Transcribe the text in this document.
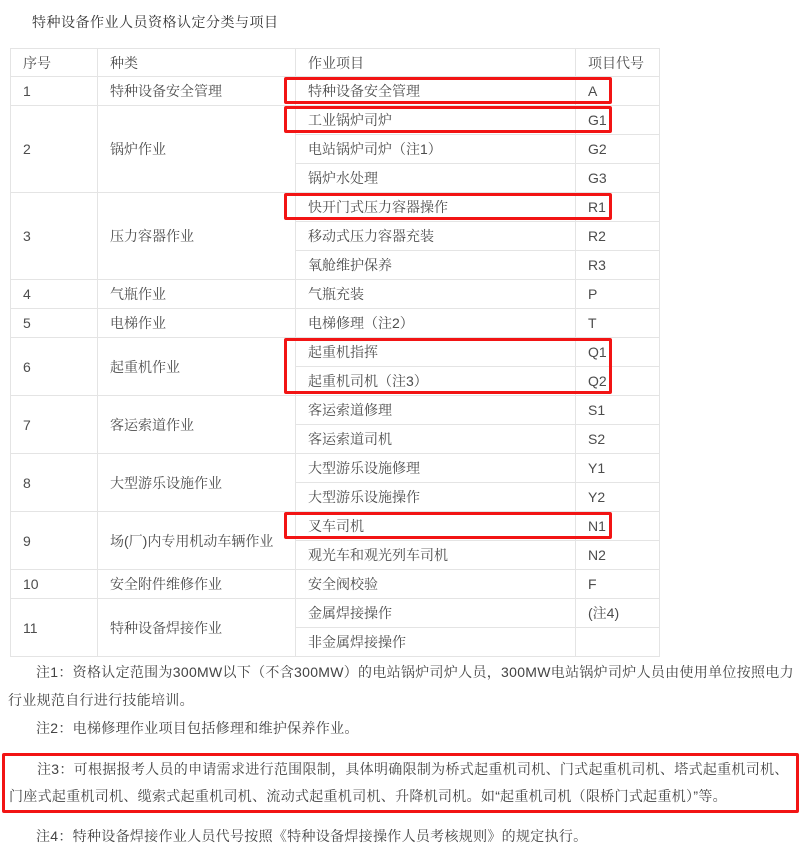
特种设备作业人员资格认定分类与项目
序号	种类	作业项目	项目代号
1	特种设备安全管理	特种设备安全管理	A
2	锅炉作业	工业锅炉司炉	G1
		电站锅炉司炉（注1）	G2
		锅炉水处理	G3
3	压力容器作业	快开门式压力容器操作	R1
		移动式压力容器充装	R2
		氧舱维护保养	R3
4	气瓶作业	气瓶充装	P
5	电梯作业	电梯修理（注2）	T
6	起重机作业	起重机指挥	Q1
		起重机司机（注3）	Q2
7	客运索道作业	客运索道修理	S1
		客运索道司机	S2
8	大型游乐设施作业	大型游乐设施修理	Y1
		大型游乐设施操作	Y2
9	场(厂)内专用机动车辆作业	叉车司机	N1
		观光车和观光列车司机	N2
10	安全附件维修作业	安全阀校验	F
11	特种设备焊接作业	金属焊接操作	(注4)
		非金属焊接操作	
注1：资格认定范围为300MW以下（不含300MW）的电站锅炉司炉人员，300MW电站锅炉司炉人员由使用单位按照电力行业规范自行进行技能培训。
注2：电梯修理作业项目包括修理和维护保养作业。
注3：可根据报考人员的申请需求进行范围限制，具体明确限制为桥式起重机司机、门式起重机司机、塔式起重机司机、门座式起重机司机、缆索式起重机司机、流动式起重机司机、升降机司机。如“起重机司机（限桥门式起重机）”等。
注4：特种设备焊接作业人员代号按照《特种设备焊接操作人员考核规则》的规定执行。
